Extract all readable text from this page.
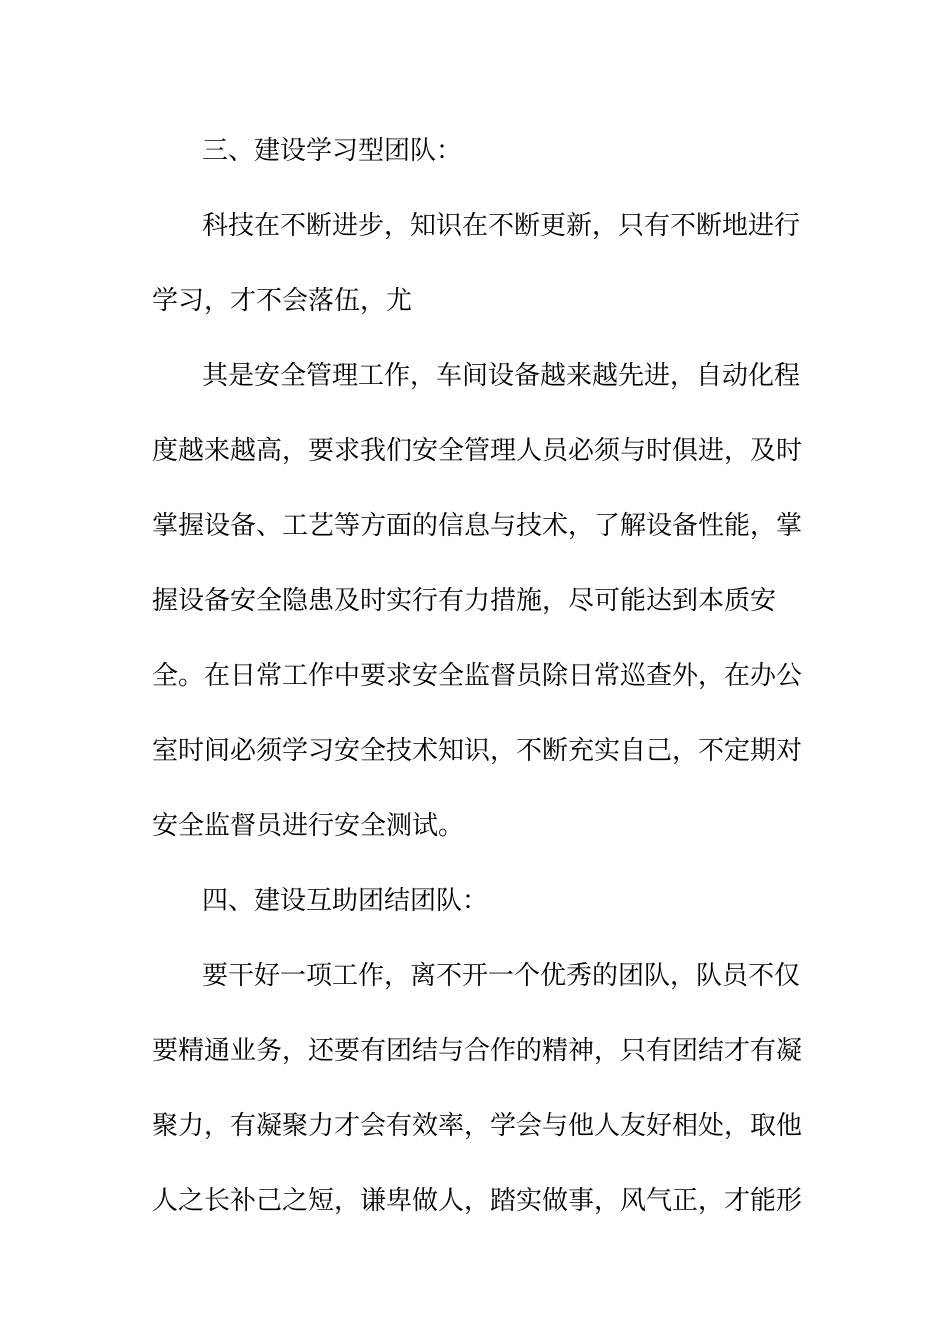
三、建设学习型团队：
科技在不断进步，知识在不断更新，只有不断地进行
学习，才不会落伍，尤
其是安全管理工作，车间设备越来越先进，自动化程
度越来越高，要求我们安全管理人员必须与时俱进，及时
掌握设备、工艺等方面的信息与技术，了解设备性能，掌
握设备安全隐患及时实行有力措施，尽可能达到本质安
全。在日常工作中要求安全监督员除日常巡查外，在办公
室时间必须学习安全技术知识，不断充实自己，不定期对
安全监督员进行安全测试。
四、建设互助团结团队：
要干好一项工作，离不开一个优秀的团队，队员不仅
要精通业务，还要有团结与合作的精神，只有团结才有凝
聚力，有凝聚力才会有效率，学会与他人友好相处，取他
人之长补己之短，谦卑做人，踏实做事，风气正，才能形
